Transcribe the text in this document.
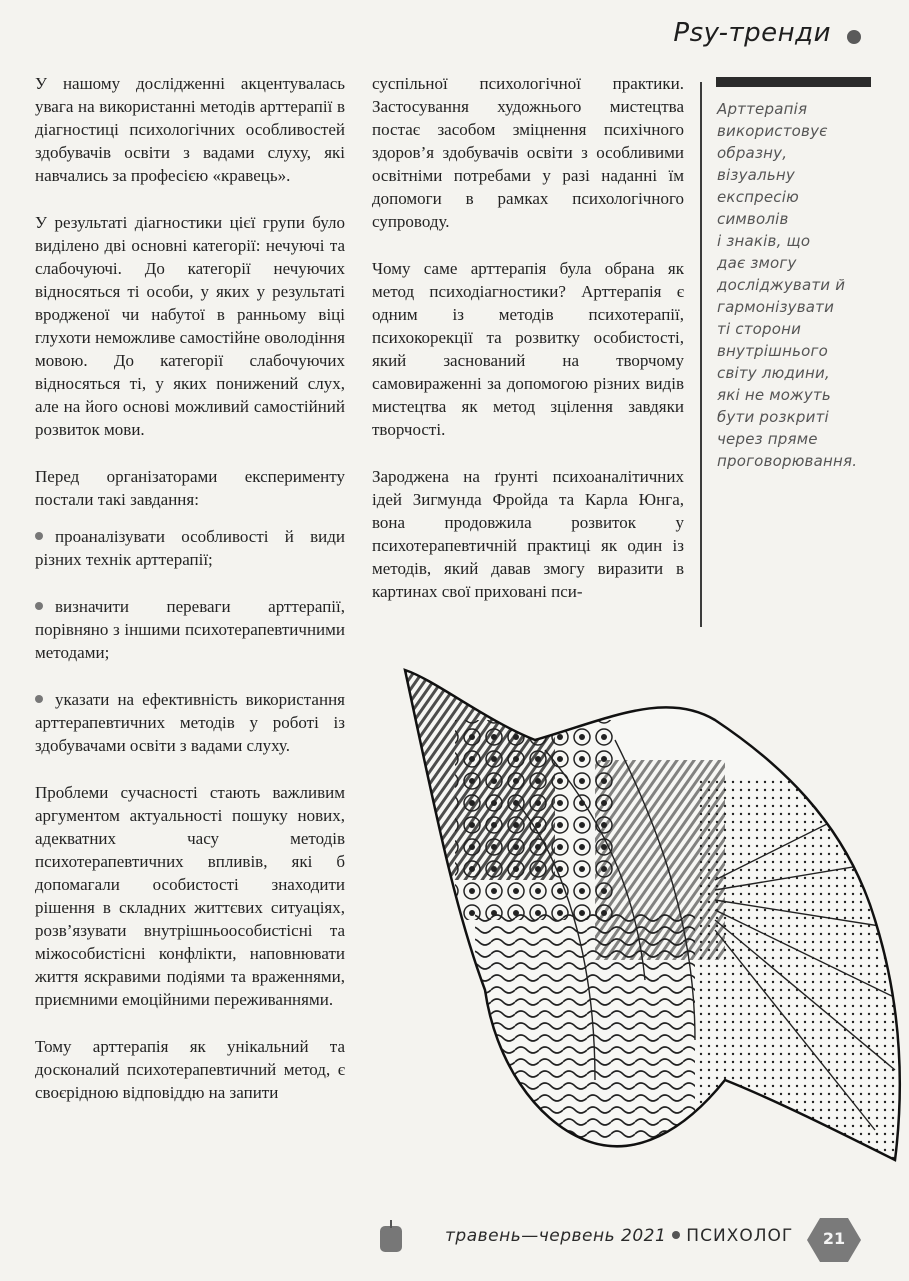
Psy-тренди

У нашому дослідженні акцентувалась увага на використанні методів арттерапії в діагностиці психологічних особливостей здобувачів освіти з вадами слуху, які навчались за професією «кравець».

У результаті діагностики цієї групи було виділено дві основні категорії: нечуючі та слабочуючі. До категорії нечуючих відносяться ті особи, у яких у результаті вродженої чи набутої в ранньому віці глухоти неможливе самостійне оволодіння мовою. До категорії слабочуючих відносяться ті, у яких понижений слух, але на його основі можливий самостійний розвиток мови.

Перед організаторами експерименту постали такі завдання:

проаналізувати особливості й види різних технік арттерапії;

визначити переваги арттерапії, порівняно з іншими психотерапевтичними методами;

указати на ефективність використання арттерапевтичних методів у роботі із здобувачами освіти з вадами слуху.

Проблеми сучасності стають важливим аргументом актуальності пошуку нових, адекватних часу методів психотерапевтичних впливів, які б допомагали особистості знаходити рішення в складних життєвих ситуаціях, розв’язувати внутрішньоособистісні та міжособистісні конфлікти, наповнювати життя яскравими подіями та враженнями, приємними емоційними переживаннями.

Тому арттерапія як унікальний та досконалий психотерапевтичний метод, є своєрідною відповіддю на запити

суспільної психологічної практики. Застосування художнього мистецтва постає засобом зміцнення психічного здоров’я здобувачів освіти з особливими освітніми потребами у разі наданні їм допомоги в рамках психологічного супроводу.

Чому саме арттерапія була обрана як метод психодіагностики? Арттерапія є одним із методів психотерапії, психокорекції та розвитку особистості, який заснований на творчому самовираженні за допомогою різних видів мистецтва як метод зцілення завдяки творчості.

Зароджена на ґрунті психоаналітичних ідей Зигмунда Фройда та Карла Юнга, вона продовжила розвиток у психотерапевтичній практиці як один із методів, який давав змогу виразити в картинах свої приховані пси-

Арттерапія
використовує
образну,
візуальну
експресію
символів
і знаків, що
дає змогу
досліджувати й
гармонізувати
ті сторони
внутрішнього
світу людини,
які не можуть
бути розкриті
через пряме
проговорювання.
травень—червень 2021 ПСИХОЛОГ	21
